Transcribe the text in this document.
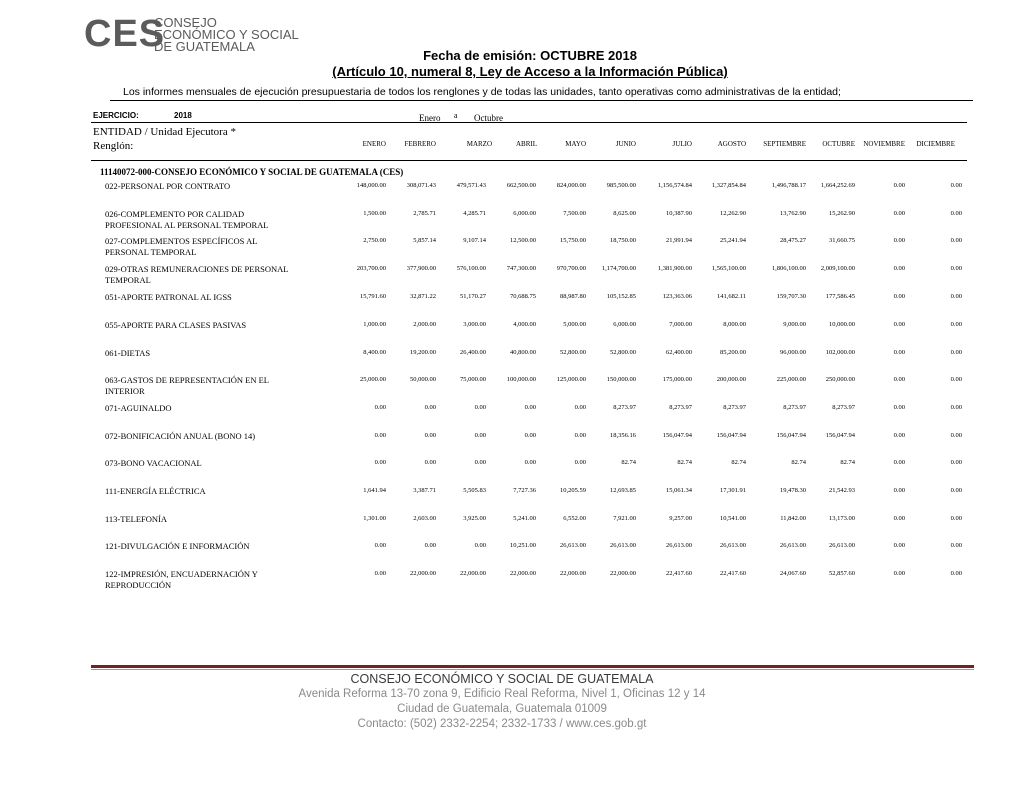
CES
CONSEJO
ECONÓMICO Y SOCIAL
DE GUATEMALA
Fecha de emisión: OCTUBRE 2018
(Artículo 10, numeral 8, Ley de Acceso a la Información Pública)
Los informes mensuales de ejecución presupuestaria de todos los renglones y de todas las unidades, tanto operativas como administrativas de la entidad;
EJERCICIO:	2018	Enero a Octubre
ENTIDAD / Unidad Ejecutora *
Renglón:	ENERO	FEBRERO	MARZO	ABRIL	MAYO	JUNIO	JULIO	AGOSTO	SEPTIEMBRE	OCTUBRE	NOVIEMBRE	DICIEMBRE
11140072-000-CONSEJO ECONÓMICO Y SOCIAL DE GUATEMALA (CES)
022-PERSONAL POR CONTRATO	148,000.00	308,071.43	479,571.43	662,500.00	824,000.00	985,500.00	1,156,574.84	1,327,854.84	1,496,788.17	1,664,252.69	0.00	0.00
026-COMPLEMENTO POR CALIDAD PROFESIONAL AL PERSONAL TEMPORAL
1,500.00	2,785.71	4,285.71	6,000.00	7,500.00	8,625.00	10,387.90	12,262.90	13,762.90	15,262.90	0.00	0.00
027-COMPLEMENTOS ESPECÍFICOS AL PERSONAL TEMPORAL
2,750.00	5,857.14	9,107.14	12,500.00	15,750.00	18,750.00	21,991.94	25,241.94	28,475.27	31,660.75	0.00	0.00
029-OTRAS REMUNERACIONES DE PERSONAL TEMPORAL
203,700.00	377,900.00	576,100.00	747,300.00	970,700.00	1,174,700.00	1,381,900.00	1,565,100.00	1,806,100.00	2,009,100.00	0.00	0.00
051-APORTE PATRONAL AL IGSS	15,791.60	32,871.22	51,170.27	70,688.75	88,987.80	105,152.85	123,363.06	141,682.11	159,707.30	177,586.45	0.00	0.00
055-APORTE PARA CLASES PASIVAS	1,000.00	2,000.00	3,000.00	4,000.00	5,000.00	6,000.00	7,000.00	8,000.00	9,000.00	10,000.00	0.00	0.00
061-DIETAS	8,400.00	19,200.00	26,400.00	40,800.00	52,800.00	52,800.00	62,400.00	85,200.00	96,000.00	102,000.00	0.00	0.00
063-GASTOS DE REPRESENTACIÓN EN EL INTERIOR
25,000.00	50,000.00	75,000.00	100,000.00	125,000.00	150,000.00	175,000.00	200,000.00	225,000.00	250,000.00	0.00	0.00
071-AGUINALDO	0.00	0.00	0.00	0.00	0.00	8,273.97	8,273.97	8,273.97	8,273.97	8,273.97	0.00	0.00
072-BONIFICACIÓN ANUAL (BONO 14)	0.00	0.00	0.00	0.00	0.00	18,356.16	156,047.94	156,047.94	156,047.94	156,047.94	0.00	0.00
073-BONO VACACIONAL	0.00	0.00	0.00	0.00	0.00	82.74	82.74	82.74	82.74	82.74	0.00	0.00
111-ENERGÍA ELÉCTRICA	1,641.94	3,387.71	5,505.83	7,727.36	10,205.59	12,693.85	15,061.34	17,301.91	19,478.30	21,542.93	0.00	0.00
113-TELEFONÍA	1,301.00	2,603.00	3,925.00	5,241.00	6,552.00	7,921.00	9,257.00	10,541.00	11,842.00	13,173.00	0.00	0.00
121-DIVULGACIÓN E INFORMACIÓN	0.00	0.00	0.00	10,251.00	26,613.00	26,613.00	26,613.00	26,613.00	26,613.00	26,613.00	0.00	0.00
122-IMPRESIÓN, ENCUADERNACIÓN Y REPRODUCCIÓN
0.00	22,000.00	22,000.00	22,000.00	22,000.00	22,000.00	22,417.60	22,417.60	24,067.60	52,857.60	0.00	0.00
CONSEJO ECONÓMICO Y SOCIAL DE GUATEMALA
Avenida Reforma 13-70 zona 9, Edificio Real Reforma, Nivel 1, Oficinas 12 y 14
Ciudad de Guatemala, Guatemala 01009
Contacto: (502) 2332-2254; 2332-1733 / www.ces.gob.gt
